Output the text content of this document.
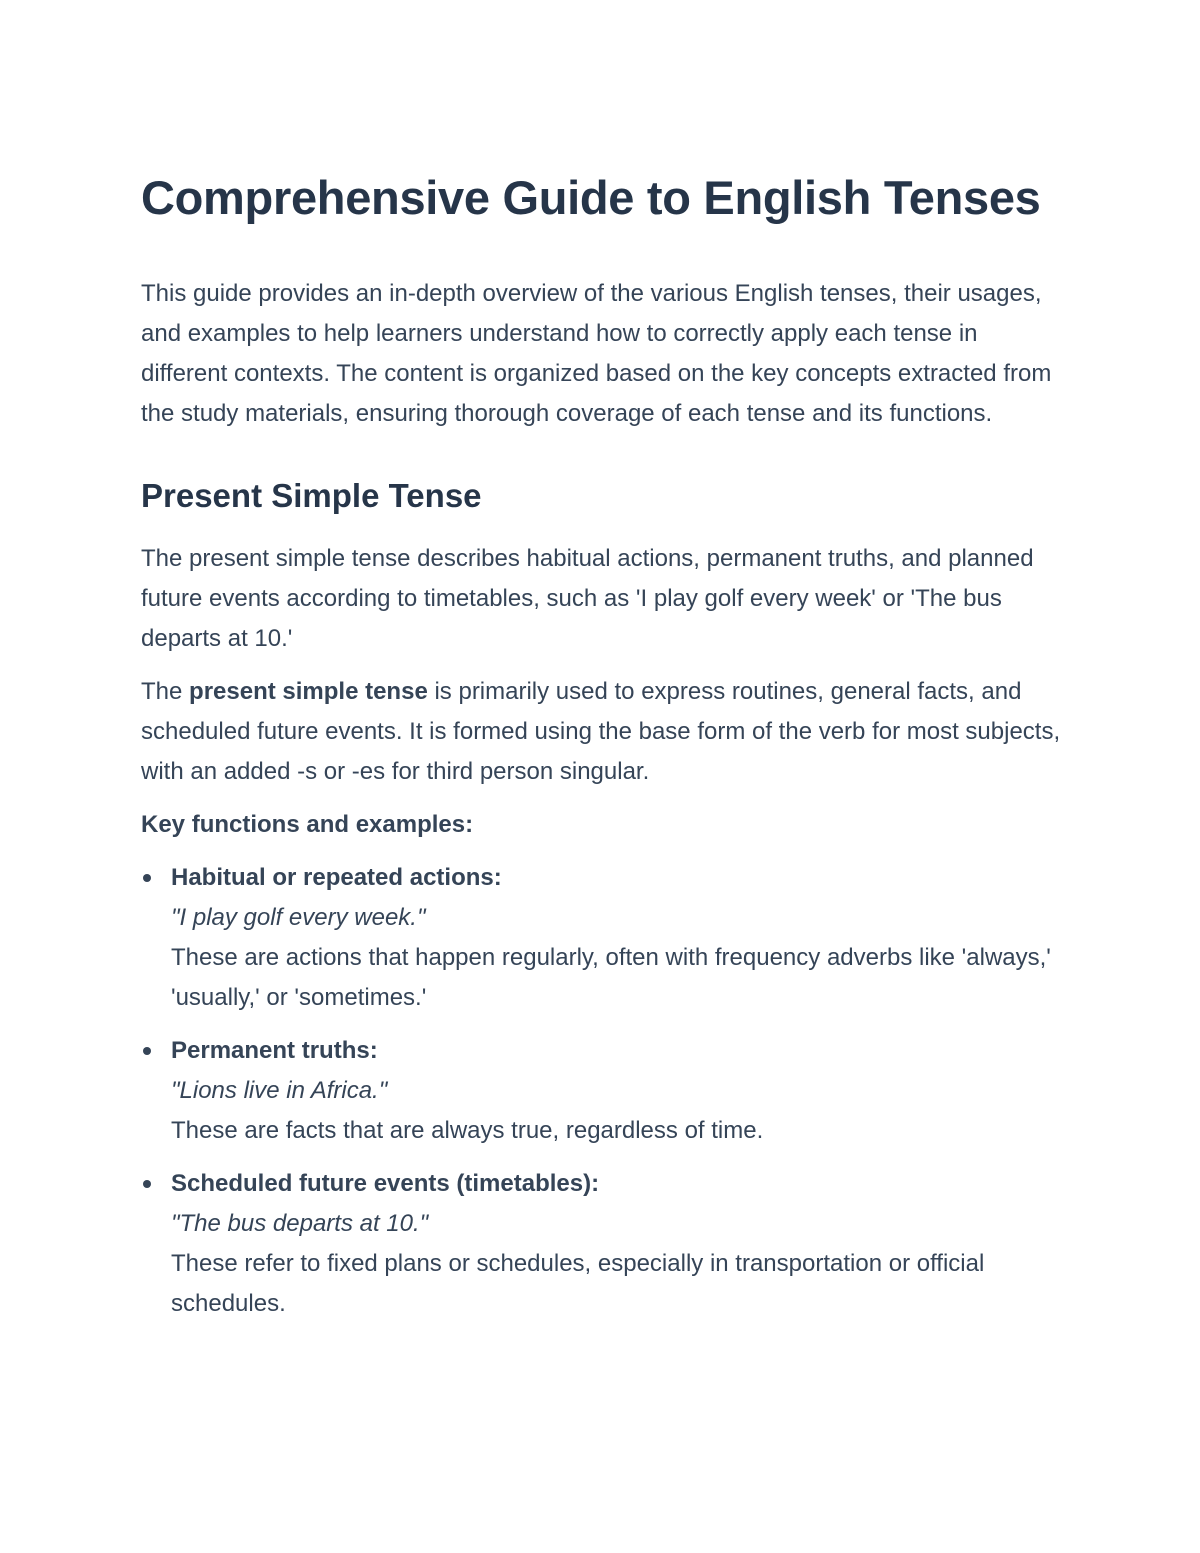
Comprehensive Guide to English Tenses

This guide provides an in-depth overview of the various English tenses, their usages, and examples to help learners understand how to correctly apply each tense in different contexts. The content is organized based on the key concepts extracted from the study materials, ensuring thorough coverage of each tense and its functions.

Present Simple Tense

The present simple tense describes habitual actions, permanent truths, and planned future events according to timetables, such as 'I play golf every week' or 'The bus departs at 10.'

The present simple tense is primarily used to express routines, general facts, and scheduled future events. It is formed using the base form of the verb for most subjects, with an added -s or -es for third person singular.

Key functions and examples:

Habitual or repeated actions:
"I play golf every week."
These are actions that happen regularly, often with frequency adverbs like 'always,' 'usually,' or 'sometimes.'
Permanent truths:
"Lions live in Africa."
These are facts that are always true, regardless of time.
Scheduled future events (timetables):
"The bus departs at 10."
These refer to fixed plans or schedules, especially in transportation or official schedules.
